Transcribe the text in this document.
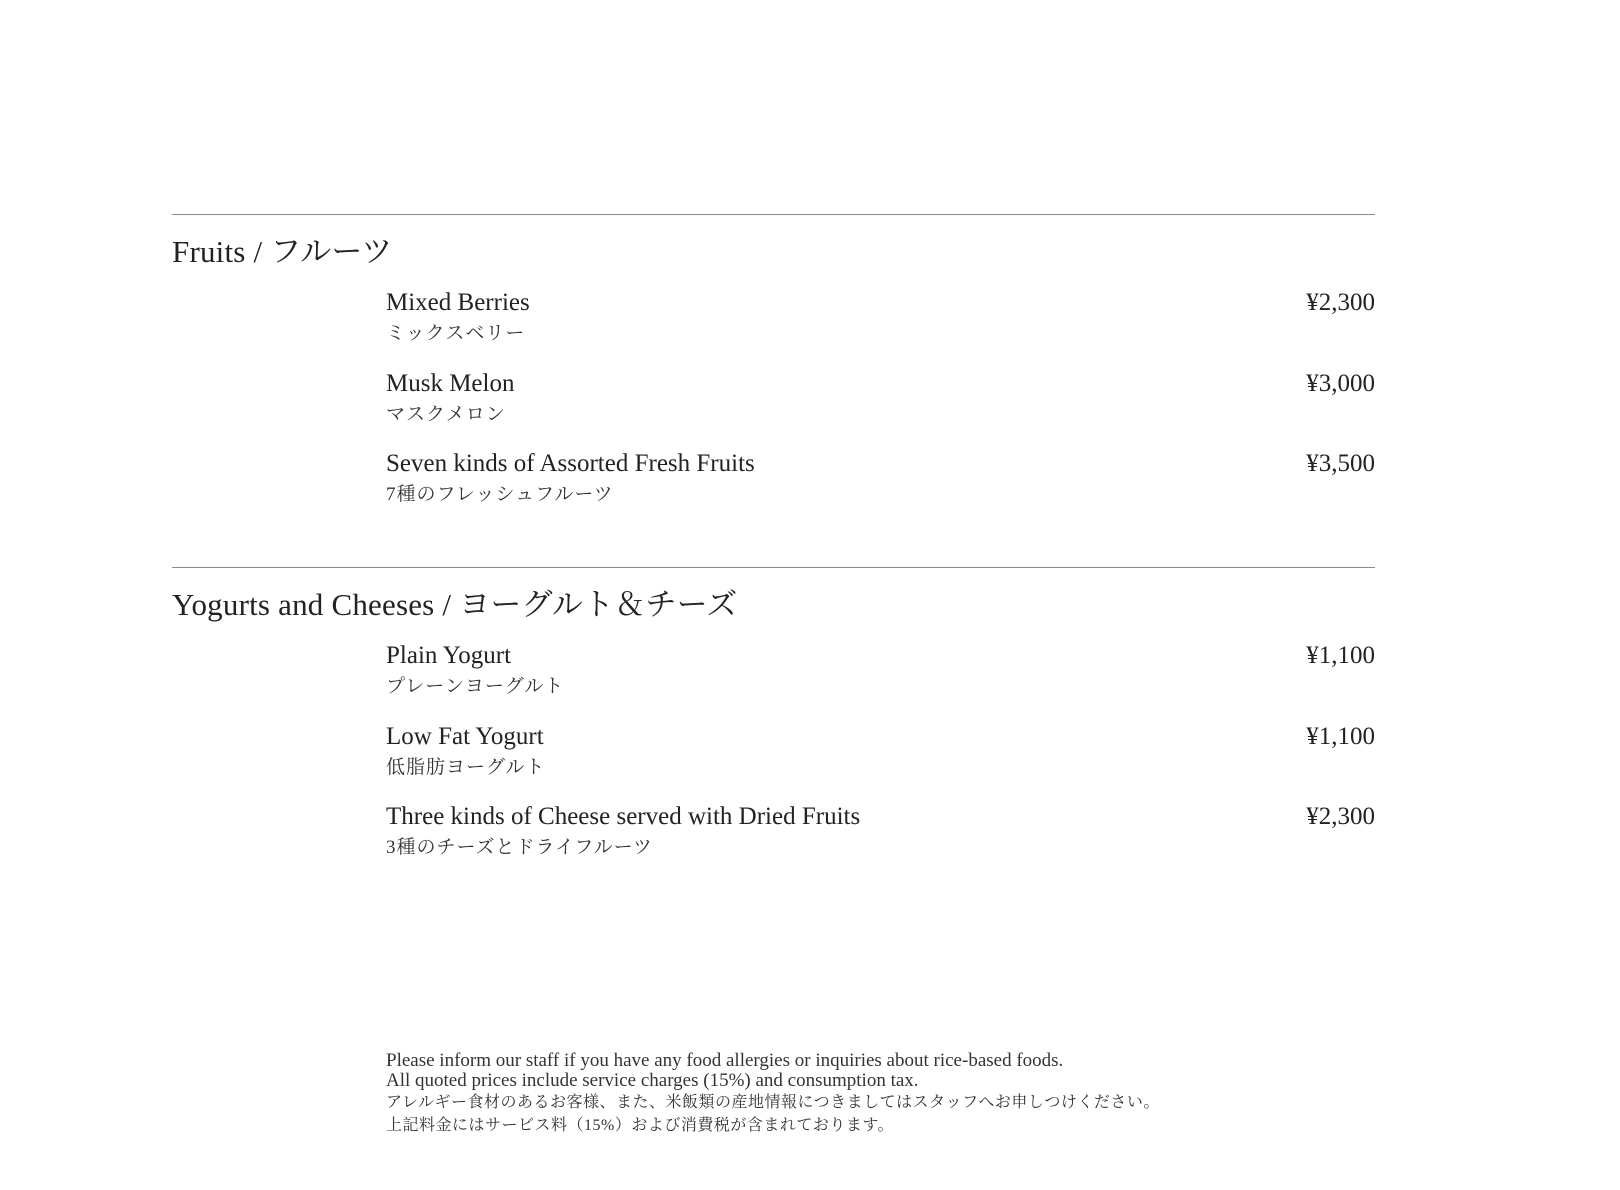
Fruits / フルーツ
Mixed Berries
ミックスベリー
¥2,300
Musk Melon
マスクメロン
¥3,000
Seven kinds of Assorted Fresh Fruits
7種のフレッシュフルーツ
¥3,500
Yogurts and Cheeses / ヨーグルト＆チーズ
Plain Yogurt
プレーンヨーグルト
¥1,100
Low Fat Yogurt
低脂肪ヨーグルト
¥1,100
Three kinds of Cheese served with Dried Fruits
3種のチーズとドライフルーツ
¥2,300
Please inform our staff if you have any food allergies or inquiries about rice-based foods.
All quoted prices include service charges (15%) and consumption tax.
アレルギー食材のあるお客様、また、米飯類の産地情報につきましてはスタッフへお申しつけください。
上記料金にはサービス料（15%）および消費税が含まれております。
